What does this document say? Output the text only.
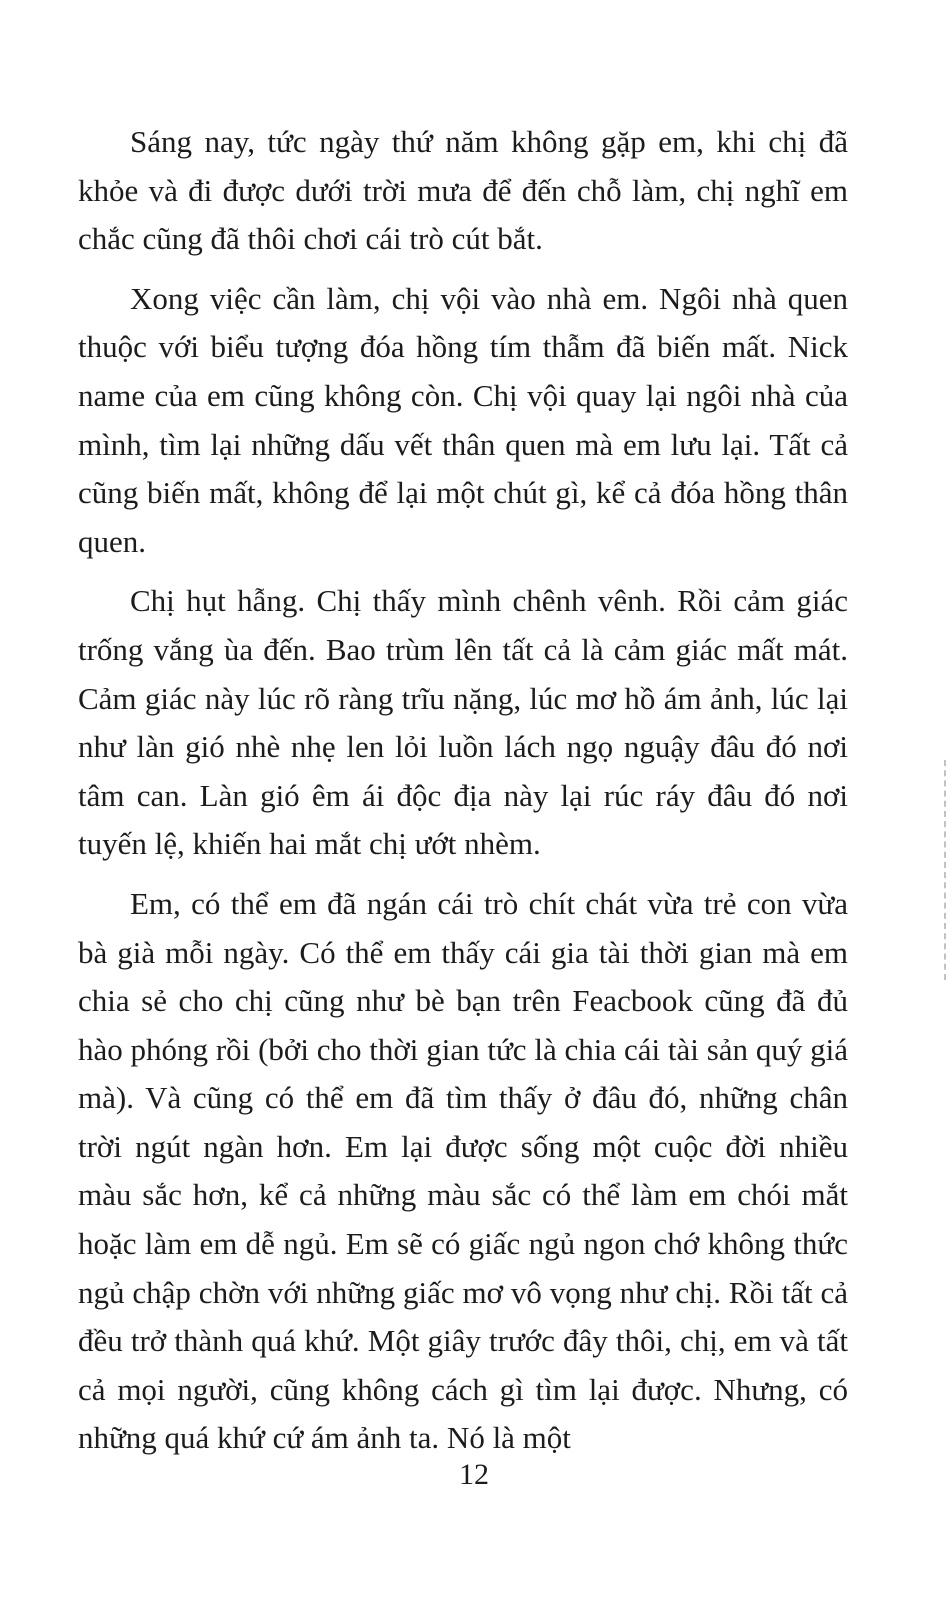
Sáng nay, tức ngày thứ năm không gặp em, khi chị đã khỏe và đi được dưới trời mưa để đến chỗ làm, chị nghĩ em chắc cũng đã thôi chơi cái trò cút bắt.

Xong việc cần làm, chị vội vào nhà em. Ngôi nhà quen thuộc với biểu tượng đóa hồng tím thẫm đã biến mất. Nick name của em cũng không còn. Chị vội quay lại ngôi nhà của mình, tìm lại những dấu vết thân quen mà em lưu lại. Tất cả cũng biến mất, không để lại một chút gì, kể cả đóa hồng thân quen.

Chị hụt hẫng. Chị thấy mình chênh vênh. Rồi cảm giác trống vắng ùa đến. Bao trùm lên tất cả là cảm giác mất mát. Cảm giác này lúc rõ ràng trĩu nặng, lúc mơ hồ ám ảnh, lúc lại như làn gió nhè nhẹ len lỏi luồn lách ngọ nguậy đâu đó nơi tâm can. Làn gió êm ái độc địa này lại rúc ráy đâu đó nơi tuyến lệ, khiến hai mắt chị ướt nhèm.

Em, có thể em đã ngán cái trò chít chát vừa trẻ con vừa bà già mỗi ngày. Có thể em thấy cái gia tài thời gian mà em chia sẻ cho chị cũng như bè bạn trên Feacbook cũng đã đủ hào phóng rồi (bởi cho thời gian tức là chia cái tài sản quý giá mà). Và cũng có thể em đã tìm thấy ở đâu đó, những chân trời ngút ngàn hơn. Em lại được sống một cuộc đời nhiều màu sắc hơn, kể cả những màu sắc có thể làm em chói mắt hoặc làm em dễ ngủ. Em sẽ có giấc ngủ ngon chớ không thức ngủ chập chờn với những giấc mơ vô vọng như chị. Rồi tất cả đều trở thành quá khứ. Một giây trước đây thôi, chị, em và tất cả mọi người, cũng không cách gì tìm lại được. Nhưng, có những quá khứ cứ ám ảnh ta. Nó là một

12
